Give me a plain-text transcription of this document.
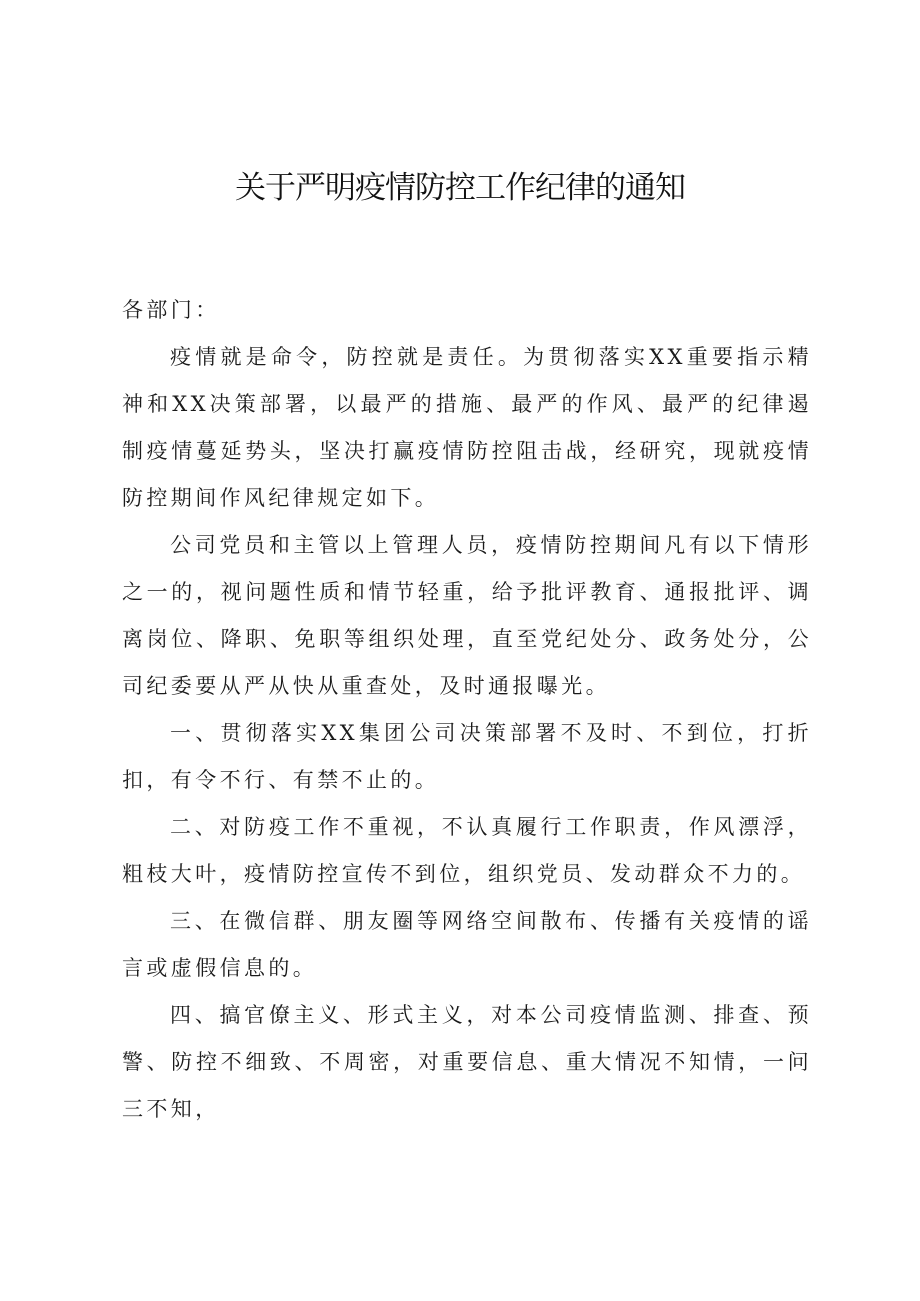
关于严明疫情防控工作纪律的通知

各部门：

疫情就是命令，防控就是责任。为贯彻落实XX重要指示精神和XX决策部署，以最严的措施、最严的作风、最严的纪律遏制疫情蔓延势头，坚决打赢疫情防控阻击战，经研究，现就疫情防控期间作风纪律规定如下。

公司党员和主管以上管理人员，疫情防控期间凡有以下情形之一的，视问题性质和情节轻重，给予批评教育、通报批评、调离岗位、降职、免职等组织处理，直至党纪处分、政务处分，公司纪委要从严从快从重查处，及时通报曝光。

一、贯彻落实XX集团公司决策部署不及时、不到位，打折扣，有令不行、有禁不止的。

二、对防疫工作不重视，不认真履行工作职责，作风漂浮，粗枝大叶，疫情防控宣传不到位，组织党员、发动群众不力的。

三、在微信群、朋友圈等网络空间散布、传播有关疫情的谣言或虚假信息的。

四、搞官僚主义、形式主义，对本公司疫情监测、排查、预警、防控不细致、不周密，对重要信息、重大情况不知情，一问三不知，
